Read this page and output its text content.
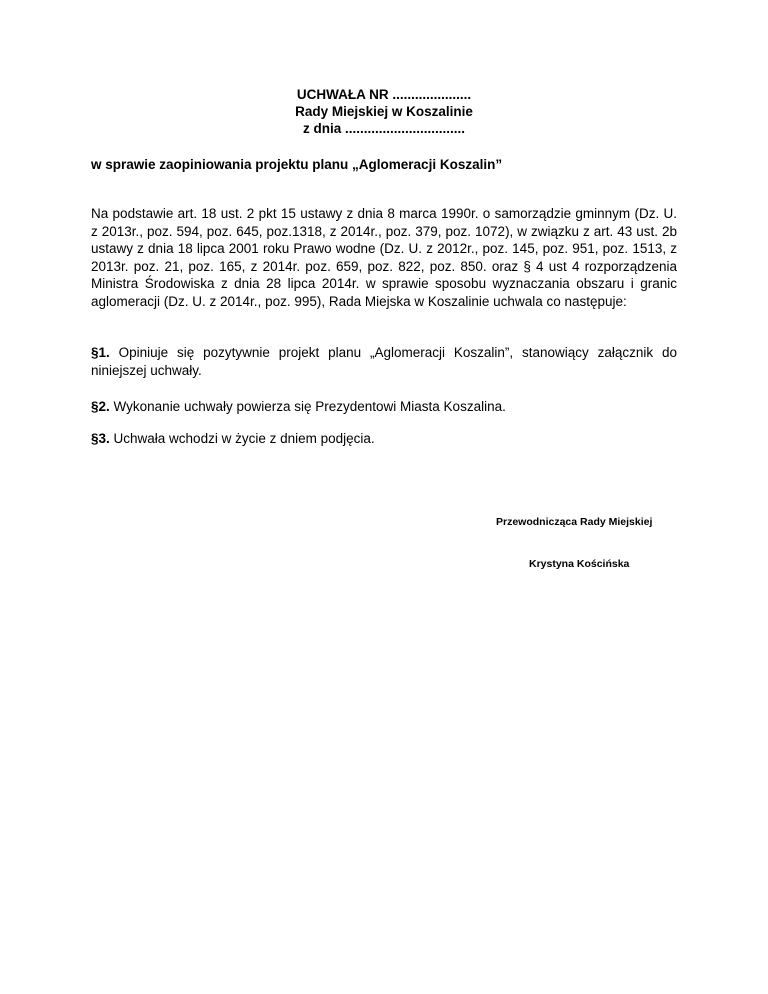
UCHWAŁA NR .....................
Rady Miejskiej w Koszalinie
z dnia ................................
w sprawie zaopiniowania projektu planu „Aglomeracji Koszalin”
Na podstawie art. 18 ust. 2 pkt 15 ustawy z dnia 8 marca 1990r. o samorządzie gminnym (Dz. U. z 2013r., poz. 594, poz. 645, poz.1318, z 2014r., poz. 379, poz. 1072), w związku z art. 43 ust. 2b ustawy z dnia 18 lipca 2001 roku Prawo wodne (Dz. U. z 2012r., poz. 145, poz. 951, poz. 1513, z 2013r. poz. 21, poz. 165, z 2014r. poz. 659, poz. 822, poz. 850. oraz § 4 ust 4 rozporządzenia Ministra Środowiska z dnia 28 lipca 2014r. w sprawie sposobu wyznaczania obszaru i granic aglomeracji (Dz. U. z 2014r., poz. 995), Rada Miejska w Koszalinie uchwala co następuje:
§1. Opiniuje się pozytywnie projekt planu „Aglomeracji Koszalin”, stanowiący załącznik do niniejszej uchwały.
§2. Wykonanie uchwały powierza się Prezydentowi Miasta Koszalina.
§3. Uchwała wchodzi w życie z dniem podjęcia.
Przewodnicząca Rady Miejskiej
Krystyna Kościńska
